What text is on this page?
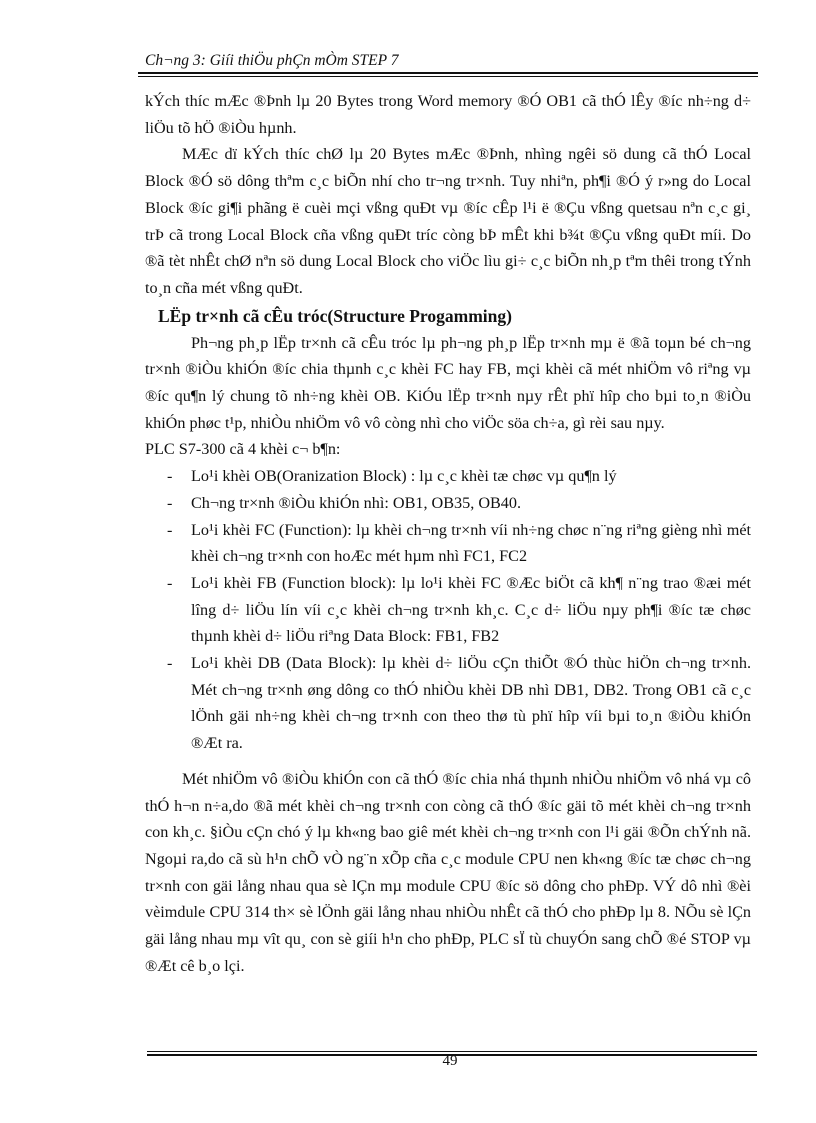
Ch¬ng 3: Giíi thiÖu phÇn mÒm STEP 7

kÝch thíc mÆc ®Þnh lµ 20 Bytes trong Word memory ®Ó OB1 cã thÓ lÊy ®íc nh÷ng d÷ liÖu tõ hÖ ®iÒu hµnh.

MÆc dï kÝch thíc chØ lµ 20 Bytes mÆc ®Þnh, nhìng ngêi sö dung cã thÓ Local Block ®Ó sö dông thªm c¸c biÕn nhí cho tr¬ng tr×nh. Tuy nhiªn, ph¶i ®Ó ý r»ng do Local Block ®íc gi¶i phãng ë cuèi mçi vßng quÐt vµ ®íc cÊp l¹i ë ®Çu vßng quetsau nªn c¸c gi¸ trÞ cã trong Local Block cña vßng quÐt tríc còng bÞ mÊt khi b¾t ®Çu vßng quÐt míi. Do ®ã tèt nhÊt chØ nªn sö dung Local Block cho viÖc lìu gi÷ c¸c biÕn nh¸p tªm thêi trong tÝnh to¸n cña mét vßng quÐt.

LËp tr×nh cã cÊu tróc(Structure Progamming)

Ph¬ng ph¸p lËp tr×nh cã cÊu tróc lµ ph¬ng ph¸p lËp tr×nh mµ ë ®ã toµn bé ch¬ng tr×nh ®iÒu khiÓn ®íc chia thµnh c¸c khèi FC hay FB, mçi khèi cã mét nhiÖm vô riªng vµ ®íc qu¶n lý chung tõ nh÷ng khèi OB. KiÓu lËp tr×nh nµy rÊt phï hîp cho bµi to¸n ®iÒu khiÓn phøc t¹p, nhiÒu nhiÖm vô vô còng nhì cho viÖc söa ch÷a, gì rèi sau nµy.

PLC S7-300 cã 4 khèi c¬ b¶n:

- Lo¹i khèi OB(Oranization Block) : lµ c¸c khèi tæ chøc vµ qu¶n lý
- Ch¬ng tr×nh ®iÒu khiÓn nhì: OB1, OB35, OB40.
- Lo¹i khèi FC (Function): lµ khèi ch¬ng tr×nh víi nh÷ng chøc n¨ng riªng gièng nhì mét khèi ch¬ng tr×nh con hoÆc mét hµm nhì FC1, FC2
- Lo¹i khèi FB (Function block): lµ lo¹i khèi FC ®Æc biÖt cã kh¶ n¨ng trao ®æi mét lîng d÷ liÖu lín víi c¸c khèi ch¬ng tr×nh kh¸c. C¸c d÷ liÖu nµy ph¶i ®íc tæ chøc thµnh khèi d÷ liÖu riªng Data Block: FB1, FB2
- Lo¹i khèi DB (Data Block): lµ khèi d÷ liÖu cÇn thiÕt ®Ó thùc hiÖn ch¬ng tr×nh. Mét ch¬ng tr×nh øng dông co thÓ nhiÒu khèi DB nhì DB1, DB2. Trong OB1 cã c¸c lÖnh gäi nh÷ng khèi ch¬ng tr×nh con theo thø tù phï hîp víi bµi to¸n ®iÒu khiÓn ®Æt ra.

Mét nhiÖm vô ®iÒu khiÓn con cã thÓ ®íc chia nhá thµnh nhiÒu nhiÖm vô nhá vµ cô thÓ h¬n n÷a,do ®ã mét khèi ch¬ng tr×nh con còng cã thÓ ®íc gäi tõ mét khèi ch¬ng tr×nh con kh¸c. §iÒu cÇn chó ý lµ kh«ng bao giê mét khèi ch¬ng tr×nh con l¹i gäi ®Õn chÝnh nã. Ngoµi ra,do cã sù h¹n chÕ vÒ ng¨n xÕp cña c¸c module CPU nen kh«ng ®íc tæ chøc ch¬ng tr×nh con gäi lång nhau qua sè lÇn mµ module CPU ®íc sö dông cho phÐp. VÝ dô nhì ®èi vèimdule CPU 314 th× sè lÖnh gäi lång nhau nhiÒu nhÊt cã thÓ cho phÐp lµ 8. NÕu sè lÇn gäi lång nhau mµ vît qu¸ con sè giíi h¹n cho phÐp, PLC sÏ tù chuyÓn sang chÕ ®é STOP vµ ®Æt cê b¸o lçi.

49
